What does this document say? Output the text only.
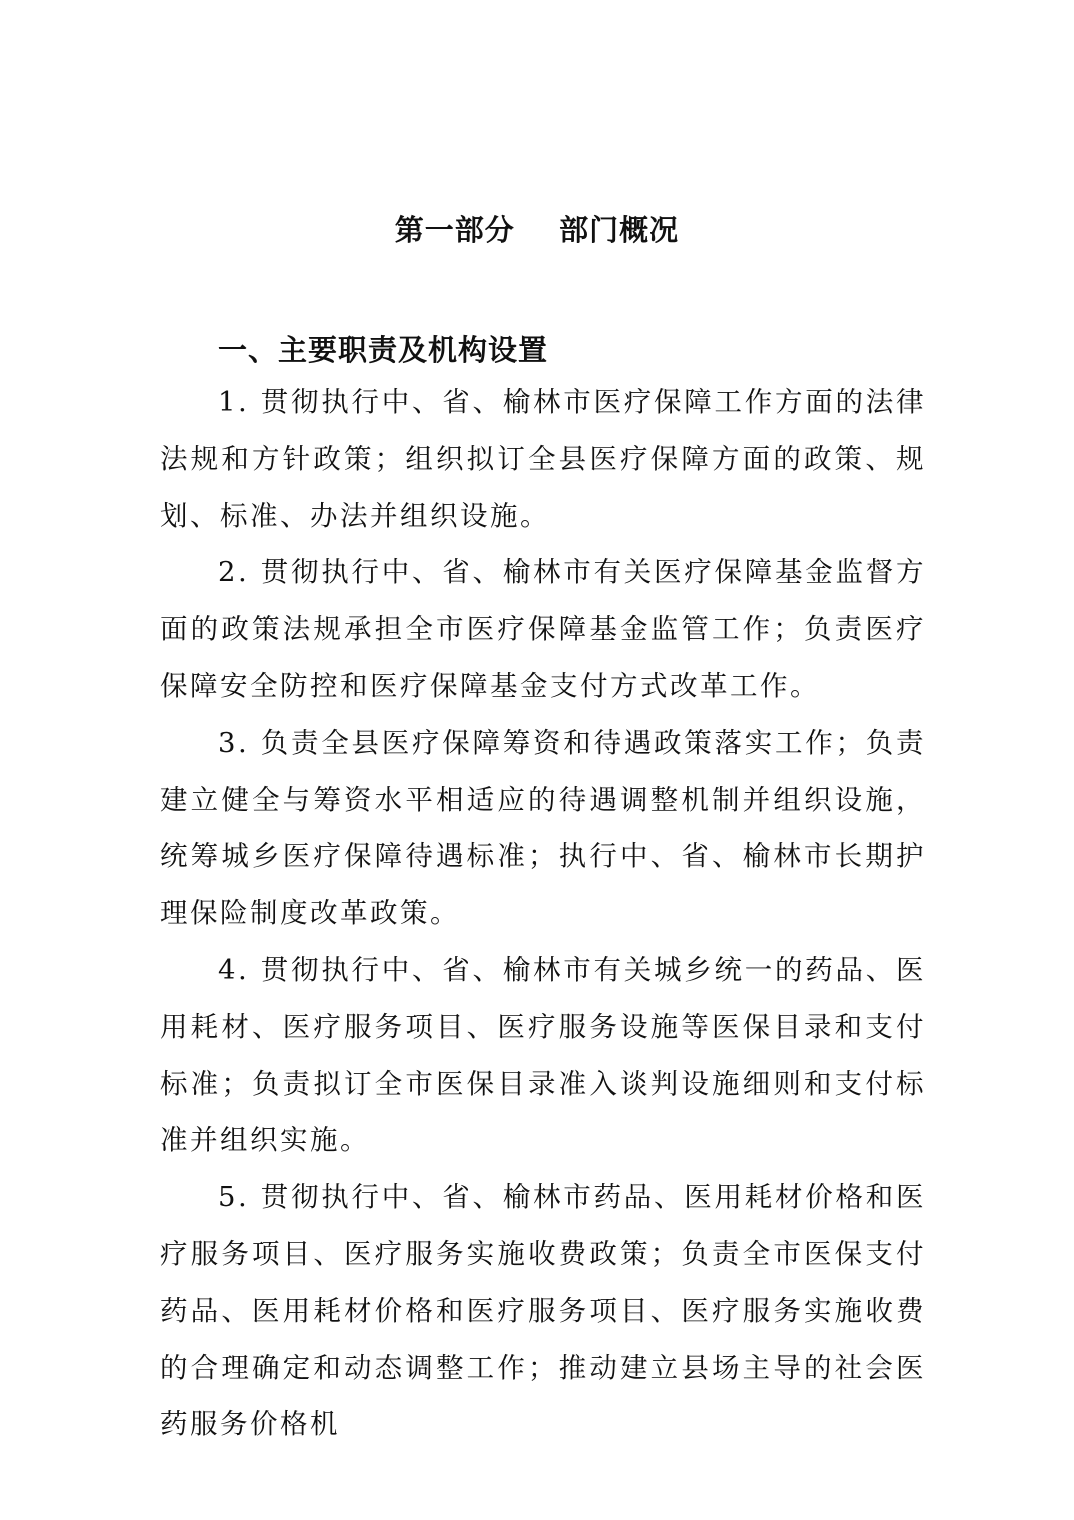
第一部分    部门概况
一、主要职责及机构设置

1. 贯彻执行中、省、榆林市医疗保障工作方面的法律法规和方针政策；组织拟订全县医疗保障方面的政策、规划、标准、办法并组织设施。

2. 贯彻执行中、省、榆林市有关医疗保障基金监督方面的政策法规承担全市医疗保障基金监管工作；负责医疗保障安全防控和医疗保障基金支付方式改革工作。

3. 负责全县医疗保障筹资和待遇政策落实工作；负责建立健全与筹资水平相适应的待遇调整机制并组织设施，统筹城乡医疗保障待遇标准；执行中、省、榆林市长期护理保险制度改革政策。

4. 贯彻执行中、省、榆林市有关城乡统一的药品、医用耗材、医疗服务项目、医疗服务设施等医保目录和支付标准；负责拟订全市医保目录准入谈判设施细则和支付标准并组织实施。

5. 贯彻执行中、省、榆林市药品、医用耗材价格和医疗服务项目、医疗服务实施收费政策；负责全市医保支付药品、医用耗材价格和医疗服务项目、医疗服务实施收费的合理确定和动态调整工作；推动建立县场主导的社会医药服务价格机
